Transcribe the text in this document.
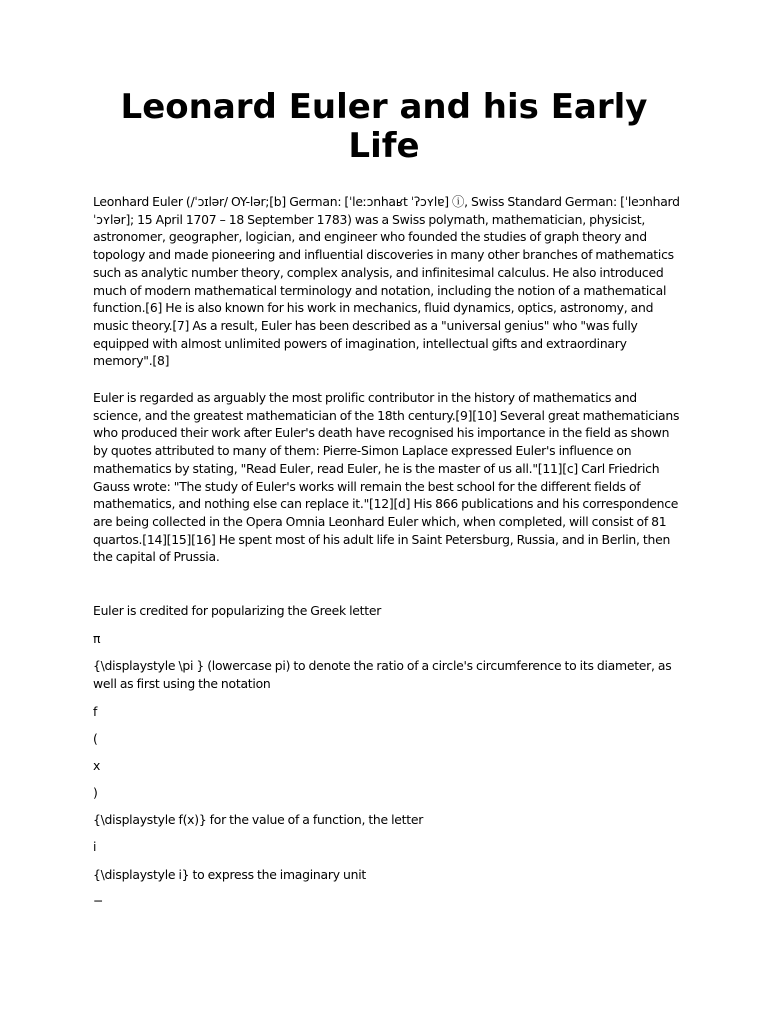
Leonard Euler and his Early Life

Leonhard Euler (/ˈɔɪlər/ OY-lər;[b] German: [ˈleːɔnhaʁt ˈʔɔʏlɐ] ⓘ, Swiss Standard German: [ˈleɔnhard ˈɔʏlər]; 15 April 1707 – 18 September 1783) was a Swiss polymath, mathematician, physicist, astronomer, geographer, logician, and engineer who founded the studies of graph theory and topology and made pioneering and influential discoveries in many other branches of mathematics such as analytic number theory, complex analysis, and infinitesimal calculus. He also introduced much of modern mathematical terminology and notation, including the notion of a mathematical function.[6] He is also known for his work in mechanics, fluid dynamics, optics, astronomy, and music theory.[7] As a result, Euler has been described as a "universal genius" who "was fully equipped with almost unlimited powers of imagination, intellectual gifts and extraordinary memory".[8]

Euler is regarded as arguably the most prolific contributor in the history of mathematics and science, and the greatest mathematician of the 18th century.[9][10] Several great mathematicians who produced their work after Euler's death have recognised his importance in the field as shown by quotes attributed to many of them: Pierre-Simon Laplace expressed Euler's influence on mathematics by stating, "Read Euler, read Euler, he is the master of us all."[11][c] Carl Friedrich Gauss wrote: "The study of Euler's works will remain the best school for the different fields of mathematics, and nothing else can replace it."[12][d] His 866 publications and his correspondence are being collected in the Opera Omnia Leonhard Euler which, when completed, will consist of 81 quartos.[14][15][16] He spent most of his adult life in Saint Petersburg, Russia, and in Berlin, then the capital of Prussia.

Euler is credited for popularizing the Greek letter

π

{\displaystyle \pi } (lowercase pi) to denote the ratio of a circle's circumference to its diameter, as well as first using the notation

f

(

x

)

{\displaystyle f(x)} for the value of a function, the letter

i

{\displaystyle i} to express the imaginary unit

−
